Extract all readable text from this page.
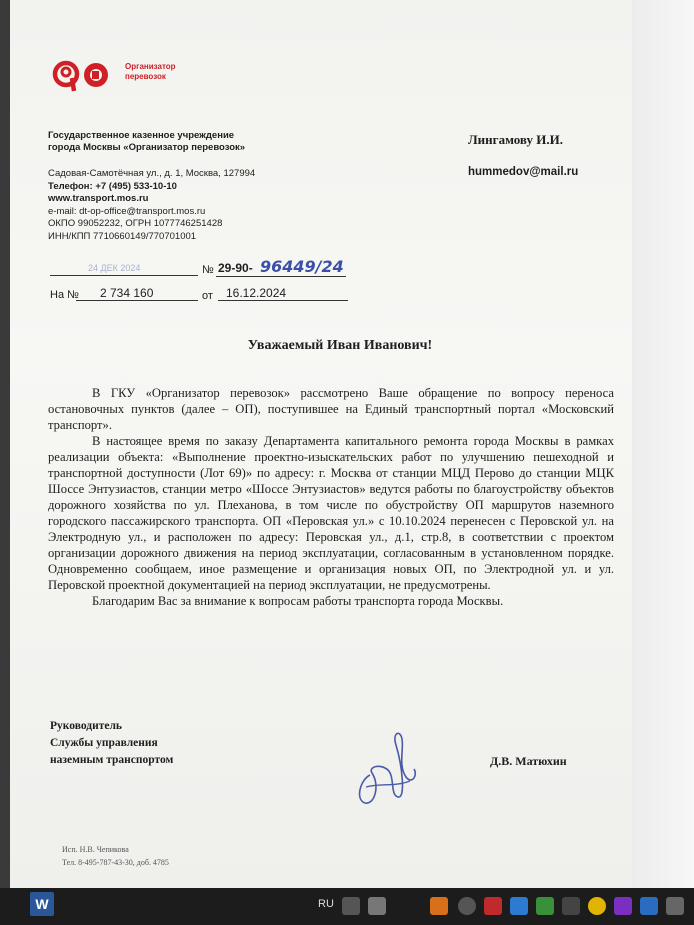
Организатор
перевозок
Государственное казенное учреждение
города Москвы «Организатор перевозок»
Садовая-Самотёчная ул., д. 1, Москва, 127994
Телефон: +7 (495) 533-10-10
www.transport.mos.ru
e-mail: dt-op-office@transport.mos.ru
ОКПО 99052232, ОГРН 1077746251428
ИНН/КПП 7710660149/770701001
Лингамову И.И.
hummedov@mail.ru
24 ДЕК 2024	№ 29-90- 96449/24
На № 2 734 160	от 16.12.2024
Уважаемый Иван Иванович!

В ГКУ «Организатор перевозок» рассмотрено Ваше обращение по вопросу переноса остановочных пунктов (далее – ОП), поступившее на Единый транспортный портал «Московский транспорт».

В настоящее время по заказу Департамента капитального ремонта города Москвы в рамках реализации объекта: «Выполнение проектно-изыскательских работ по улучшению пешеходной и транспортной доступности (Лот 69)» по адресу: г. Москва от станции МЦД Перово до станции МЦК Шоссе Энтузиастов, станции метро «Шоссе Энтузиастов» ведутся работы по благоустройству объектов дорожного хозяйства по ул. Плеханова, в том числе по обустройству ОП маршрутов наземного городского пассажирского транспорта. ОП «Перовская ул.» с 10.10.2024 перенесен с Перовской ул. на Электродную ул., и расположен по адресу: Перовская ул., д.1, стр.8, в соответствии с проектом организации дорожного движения на период эксплуатации, согласованным в установленном порядке. Одновременно сообщаем, иное размещение и организация новых ОП, по Электродной ул. и ул. Перовской проектной документацией на период эксплуатации, не предусмотрены.

Благодарим Вас за внимание к вопросам работы транспорта города Москвы.

Руководитель
Службы управления
наземным транспортом	Д.В. Матюхин
Исп. Н.В. Чепикова
Тел. 8-495-787-43-30, доб. 4785
W	RU
